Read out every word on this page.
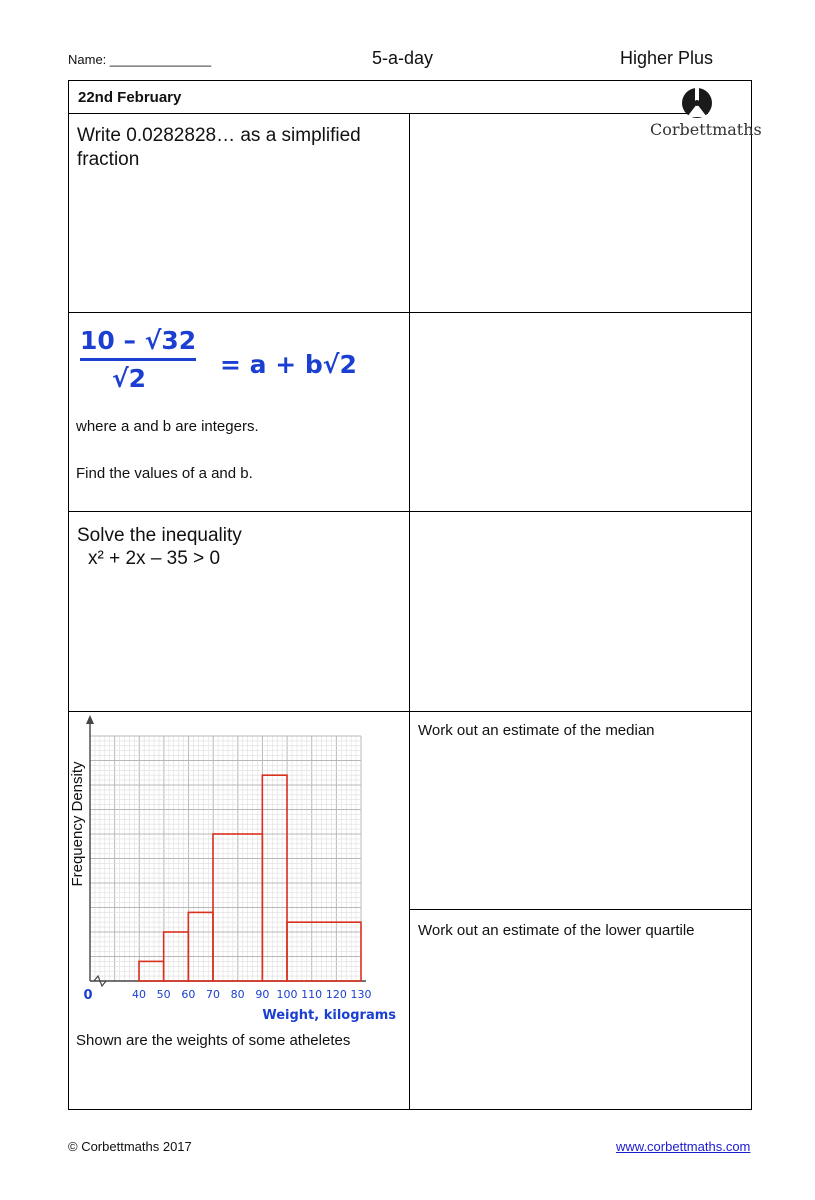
Name: ______________	5-a-day	Higher Plus
22nd February
Corbettmaths
Write 0.0282828… as a simplified fraction
10 – √32
√2	= a + b√2
where a and b are integers.
Find the values of a and b.
Solve the inequality
x² + 2x – 35 > 0
40 50 60 70 80 90 100 110 120 130
0
Weight, kilograms
Frequency Density
Shown are the weights of some atheletes
Work out an estimate of the median
Work out an estimate of the lower quartile
© Corbettmaths 2017	www.corbettmaths.com
